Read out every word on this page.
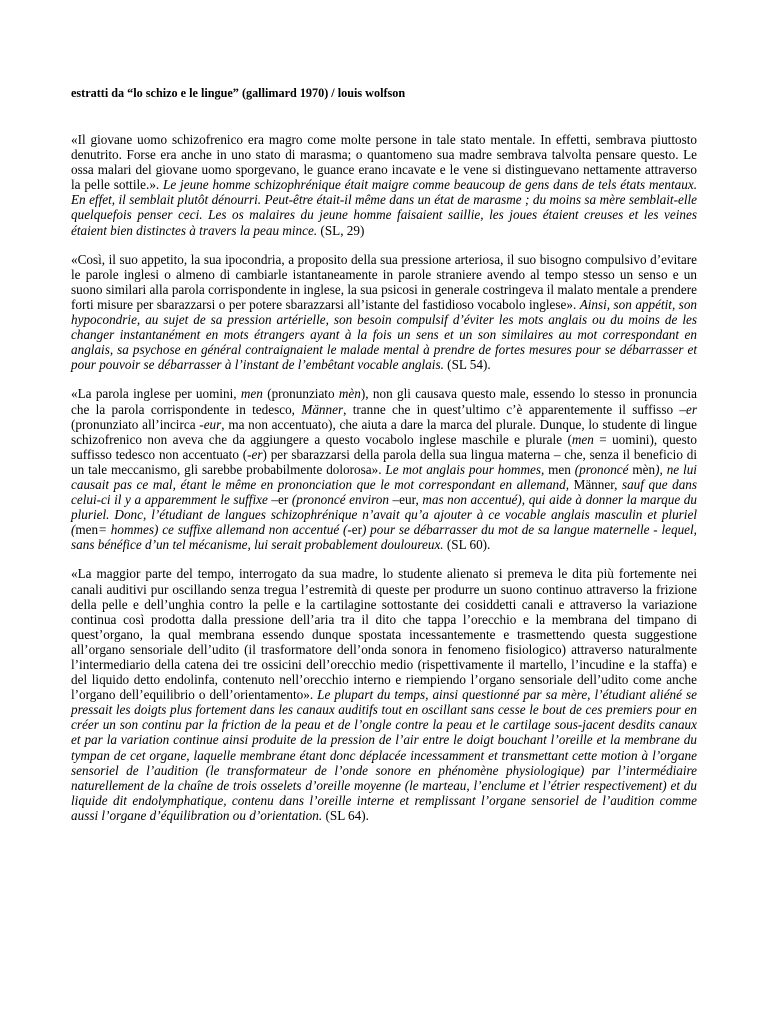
estratti da “lo schizo e le lingue” (gallimard 1970) / louis wolfson
«Il giovane uomo schizofrenico era magro come molte persone in tale stato mentale. In effetti, sembrava piuttosto denutrito. Forse era anche in uno stato di marasma; o quantomeno sua madre sembrava talvolta pensare questo. Le ossa malari del giovane uomo sporgevano, le guance erano incavate e le vene si distinguevano nettamente attraverso la pelle sottile.». Le jeune homme schizophrénique était maigre comme beaucoup de gens dans de tels états mentaux. En effet, il semblait plutôt dénourri. Peut-être était-il même dans un état de marasme ; du moins sa mère semblait-elle quelquefois penser ceci. Les os malaires du jeune homme faisaient saillie, les joues étaient creuses et les veines étaient bien distinctes à travers la peau mince. (SL, 29)
«Così, il suo appetito, la sua ipocondria, a proposito della sua pressione arteriosa, il suo bisogno compulsivo d’evitare le parole inglesi o almeno di cambiarle istantaneamente in parole straniere avendo al tempo stesso un senso e un suono similari alla parola corrispondente in inglese, la sua psicosi in generale costringeva il malato mentale a prendere forti misure per sbarazzarsi o per potere sbarazzarsi all’istante del fastidioso vocabolo inglese». Ainsi, son appétit, son hypocondrie, au sujet de sa pression artérielle, son besoin compulsif d’éviter les mots anglais ou du moins de les changer instantanément en mots étrangers ayant à la fois un sens et un son similaires au mot correspondant en anglais, sa psychose en général contraignaient le malade mental à prendre de fortes mesures pour se débarrasser et pour pouvoir se débarrasser à l’instant de l’embêtant vocable anglais. (SL 54).
«La parola inglese per uomini, men (pronunziato mèn), non gli causava questo male, essendo lo stesso in pronuncia che la parola corrispondente in tedesco, Männer, tranne che in quest’ultimo c’è apparentemente il suffisso –er (pronunziato all’incirca -eur, ma non accentuato), che aiuta a dare la marca del plurale. Dunque, lo studente di lingue schizofrenico non aveva che da aggiungere a questo vocabolo inglese maschile e plurale (men = uomini), questo suffisso tedesco non accentuato (-er) per sbarazzarsi della parola della sua lingua materna – che, senza il beneficio di un tale meccanismo, gli sarebbe probabilmente dolorosa». Le mot anglais pour hommes, men (prononcé mèn), ne lui causait pas ce mal, étant le même en prononciation que le mot correspondant en allemand, Männer, sauf que dans celui-ci il y a apparemment le suffixe –er (prononcé environ –eur, mas non accentué), qui aide à donner la marque du pluriel. Donc, l’étudiant de langues schizophrénique n’avait qu’a ajouter à ce vocable anglais masculin et pluriel (men= hommes) ce suffixe allemand non accentué (-er) pour se débarrasser du mot de sa langue maternelle - lequel, sans bénéfice d’un tel mécanisme, lui serait probablement douloureux. (SL 60).
«La maggior parte del tempo, interrogato da sua madre, lo studente alienato si premeva le dita più fortemente nei canali auditivi pur oscillando senza tregua l’estremità di queste per produrre un suono continuo attraverso la frizione della pelle e dell’unghia contro la pelle e la cartilagine sottostante dei cosiddetti canali e attraverso la variazione continua così prodotta dalla pressione dell’aria tra il dito che tappa l’orecchio e la membrana del timpano di quest’organo, la qual membrana essendo dunque spostata incessantemente e trasmettendo questa suggestione all’organo sensoriale dell’udito (il trasformatore dell’onda sonora in fenomeno fisiologico) attraverso naturalmente l’intermediario della catena dei tre ossicini dell’orecchio medio (rispettivamente il martello, l’incudine e la staffa) e del liquido detto endolinfa, contenuto nell’orecchio interno e riempiendo l’organo sensoriale dell’udito come anche l’organo dell’equilibrio o dell’orientamento». Le plupart du temps, ainsi questionné par sa mère, l’étudiant aliéné se pressait les doigts plus fortement dans les canaux auditifs tout en oscillant sans cesse le bout de ces premiers pour en créer un son continu par la friction de la peau et de l’ongle contre la peau et le cartilage sous-jacent desdits canaux et par la variation continue ainsi produite de la pression de l’air entre le doigt bouchant l’oreille et la membrane du tympan de cet organe, laquelle membrane étant donc déplacée incessamment et transmettant cette motion à l’organe sensoriel de l’audition (le transformateur de l’onde sonore en phénomène physiologique) par l’intermédiaire naturellement de la chaîne de trois osselets d’oreille moyenne (le marteau, l’enclume et l’étrier respectivement) et du liquide dit endolymphatique, contenu dans l’oreille interne et remplissant l’organe sensoriel de l’audition comme aussi l’organe d’équilibration ou d’orientation. (SL 64).
